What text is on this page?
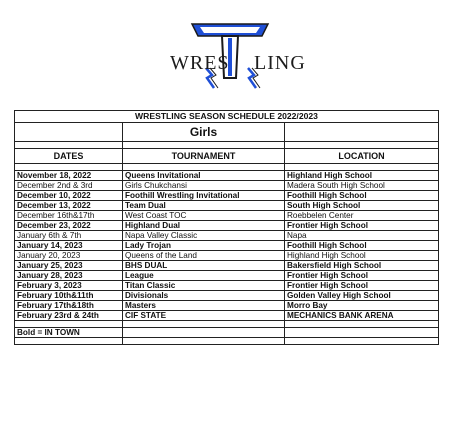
WRES LING
WRESTLING SEASON SCHEDULE 2022/2023		
	Girls	

DATES	TOURNAMENT	LOCATION

November 18, 2022	Queens Invitational	Highland High School
December 2nd & 3rd	Girls Chukchansi	Madera South High School
December 10, 2022	Foothill Wrestling Invitational	Foothill High School
December 13, 2022	Team Dual	South High School
December 16th&17th	West Coast TOC	Roebbelen Center
December 23, 2022	Highland Dual	Frontier High School
January 6th & 7th	Napa Valley Classic	Napa
January 14, 2023	Lady Trojan	Foothill High School
January 20, 2023	Queens of the Land	Highland High School
January 25, 2023	BHS DUAL	Bakersfield High School
January 28, 2023	League	Frontier High School
February 3, 2023	Titan Classic	Frontier High School
February 10th&11th	Divisionals	Golden Valley High School
February 17th&18th	Masters	Morro Bay
February 23rd & 24th	CIF STATE	MECHANICS BANK ARENA

Bold = IN TOWN		
